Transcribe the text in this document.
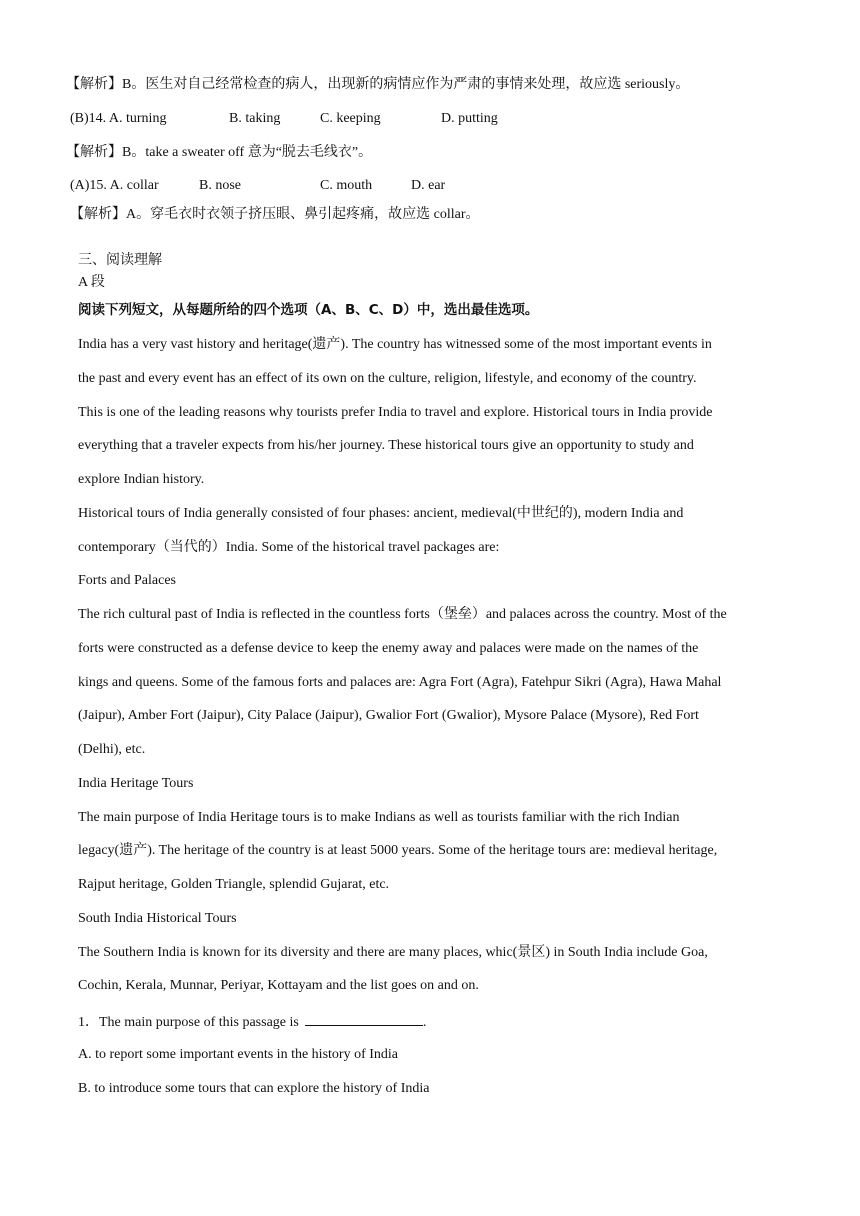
【解析】B。医生对自己经常检查的病人，出现新的病情应作为严肃的事情来处理，故应选 seriously。
(B)14. A. turning	B. taking	C. keeping	D. putting
【解析】B。take a sweater off 意为“脱去毛线衣”。
(A)15. A. collar	B. nose	C. mouth	D. ear
【解析】A。穿毛衣时衣领子挤压眼、鼻引起疼痛，故应选 collar。
三、阅读理解
A 段
阅读下列短文，从每题所给的四个选项（A、B、C、D）中，选出最佳选项。
India has a very vast history and heritage(遗产). The country has witnessed some of the most important events in
the past and every event has an effect of its own on the culture, religion, lifestyle, and economy of the country.
This is one of the leading reasons why tourists prefer India to travel and explore. Historical tours in India provide
everything that a traveler expects from his/her journey. These historical tours give an opportunity to study and
explore Indian history.
Historical tours of India generally consisted of four phases: ancient, medieval(中世纪的), modern India and
contemporary（当代的）India. Some of the historical travel packages are:
Forts and Palaces
The rich cultural past of India is reflected in the countless forts（堡垒）and palaces across the country. Most of the
forts were constructed as a defense device to keep the enemy away and palaces were made on the names of the
kings and queens. Some of the famous forts and palaces are: Agra Fort (Agra), Fatehpur Sikri (Agra), Hawa Mahal
(Jaipur), Amber Fort (Jaipur), City Palace (Jaipur), Gwalior Fort (Gwalior), Mysore Palace (Mysore), Red Fort
(Delhi), etc.
India Heritage Tours
The main purpose of India Heritage tours is to make Indians as well as tourists familiar with the rich Indian
legacy(遗产). The heritage of the country is at least 5000 years. Some of the heritage tours are: medieval heritage,
Rajput heritage, Golden Triangle, splendid Gujarat, etc.
South India Historical Tours
The Southern India is known for its diversity and there are many places, whic(景区) in South India include Goa,
Cochin, Kerala, Munnar, Periyar, Kottayam and the list goes on and on.
1．The main purpose of this passage is	.
A. to report some important events in the history of India
B. to introduce some tours that can explore the history of India
